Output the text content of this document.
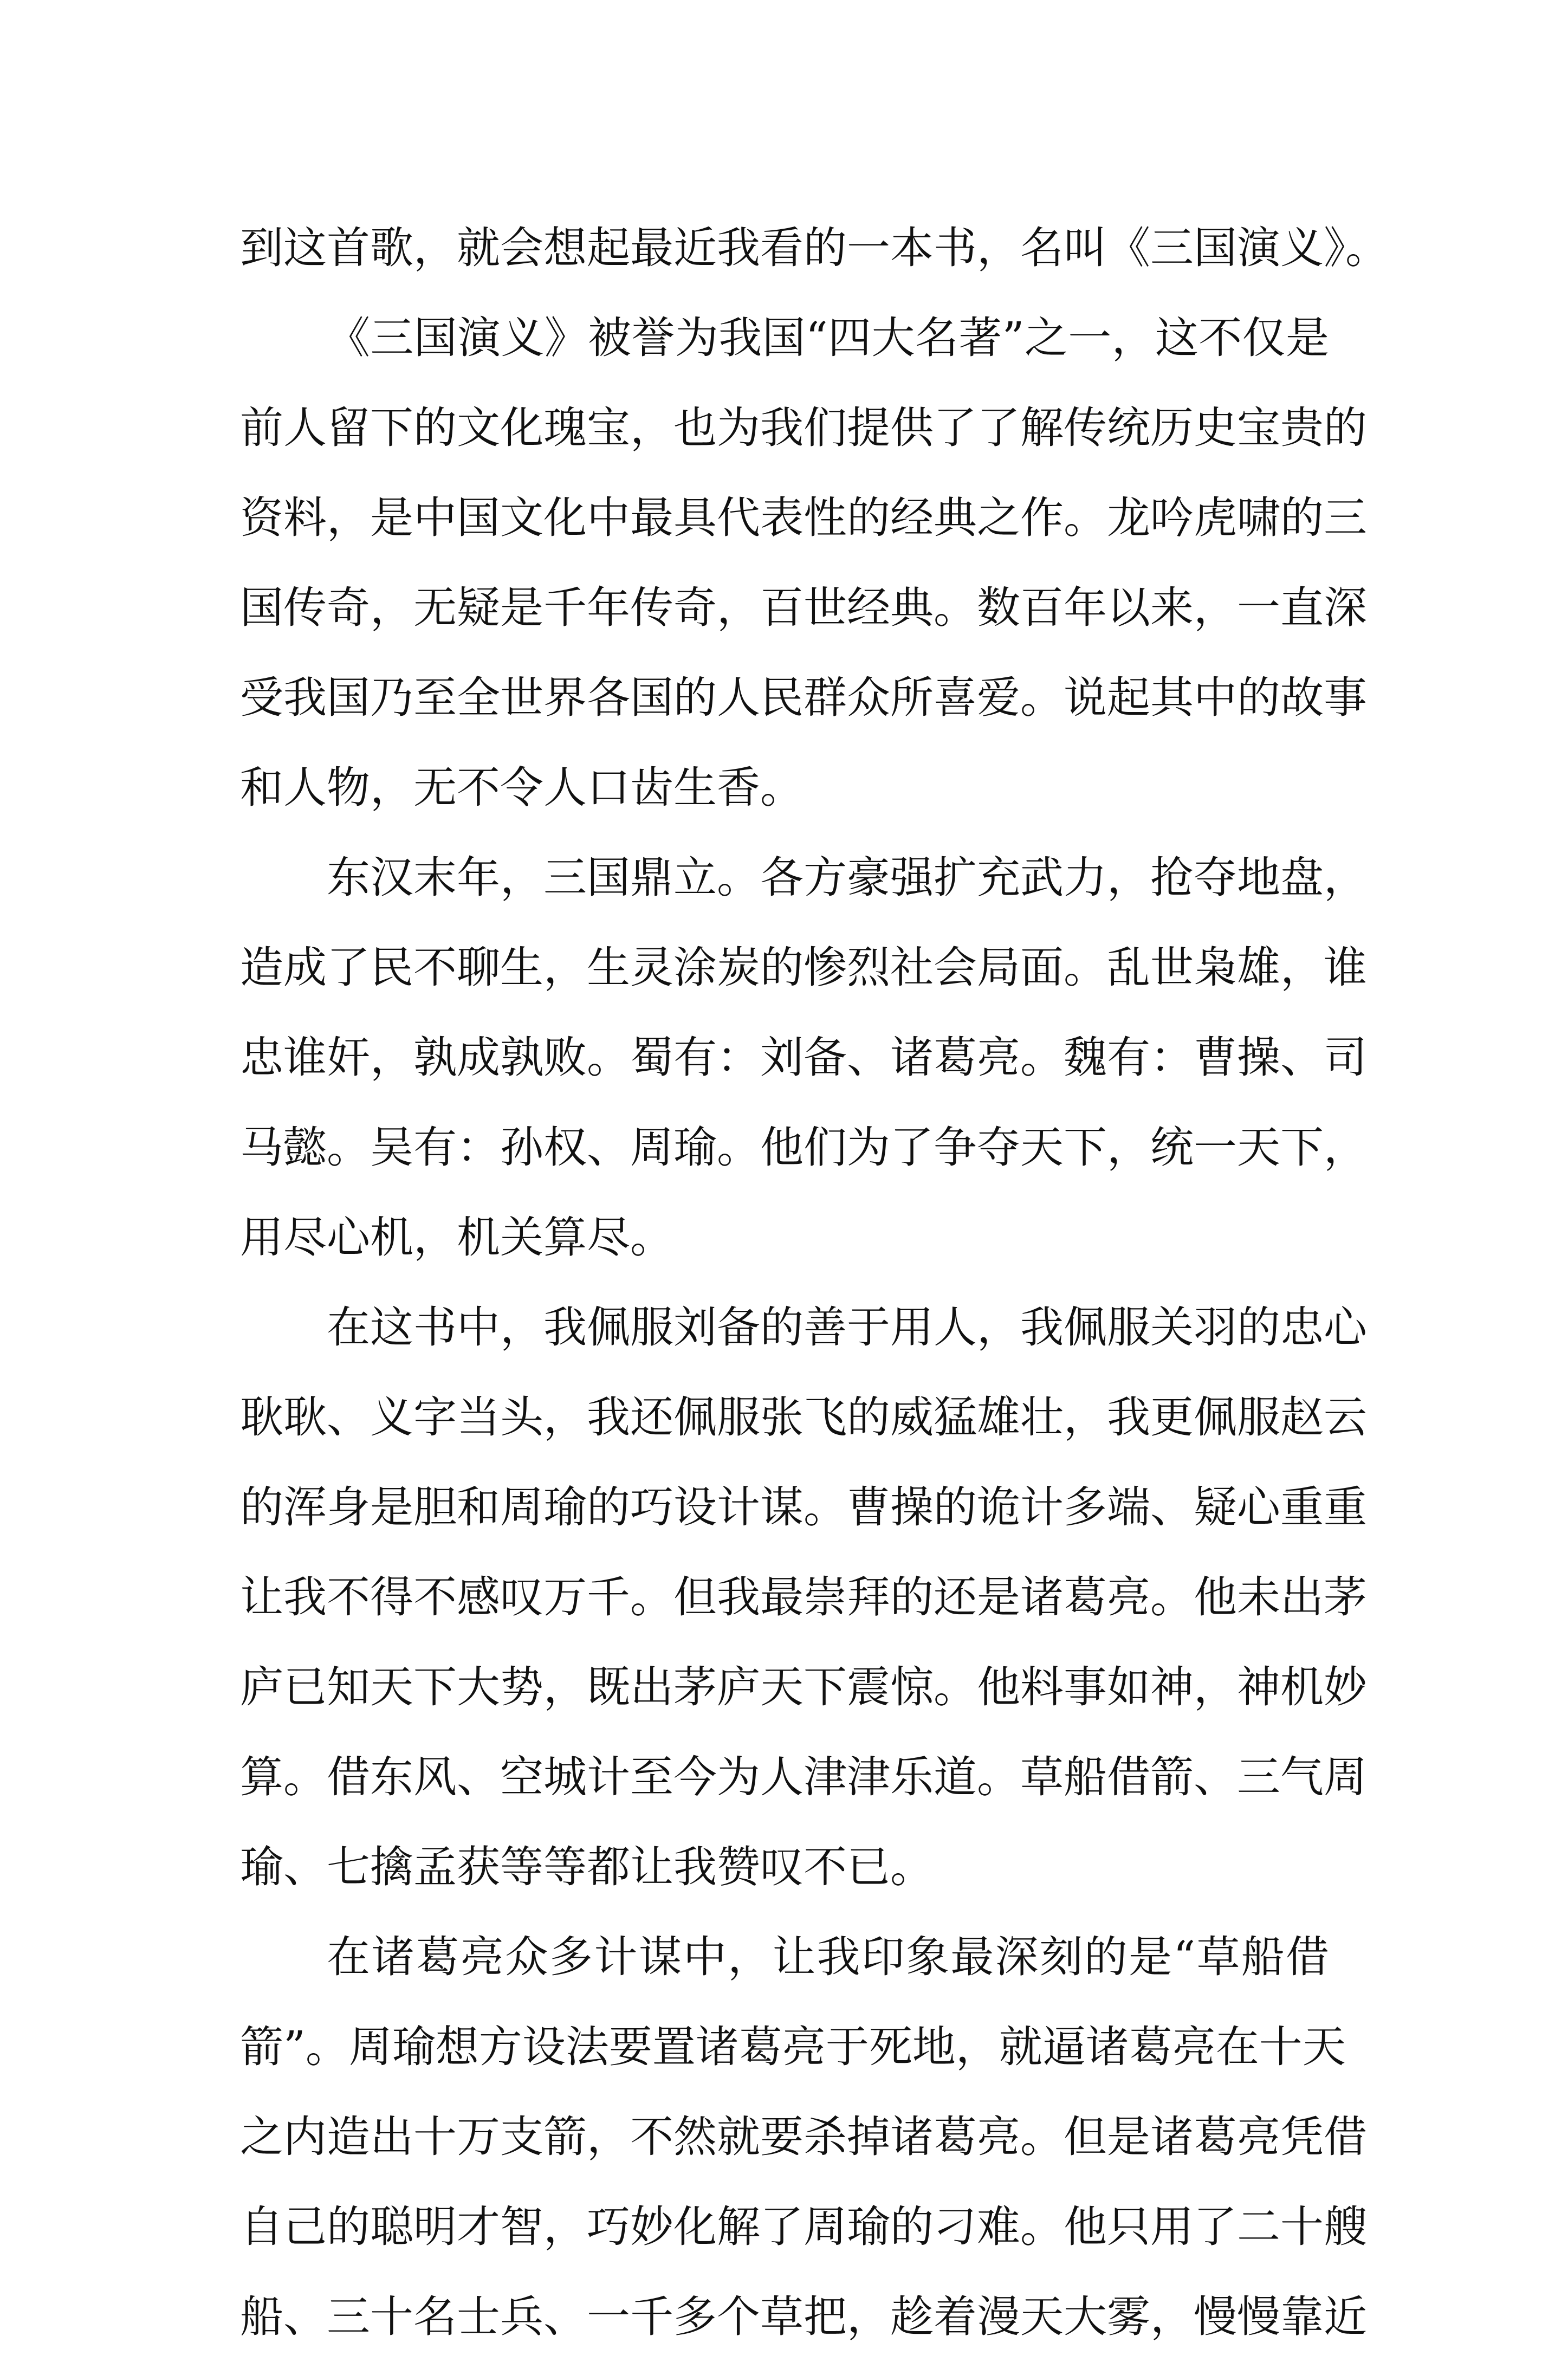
到这首歌，就会想起最近我看的一本书，名叫《三国演义》。
《三国演义》被誉为我国“四大名著”之一，这不仅是
前人留下的文化瑰宝，也为我们提供了了解传统历史宝贵的
资料，是中国文化中最具代表性的经典之作。龙吟虎啸的三
国传奇，无疑是千年传奇，百世经典。数百年以来，一直深
受我国乃至全世界各国的人民群众所喜爱。说起其中的故事
和人物，无不令人口齿生香。
东汉末年，三国鼎立。各方豪强扩充武力，抢夺地盘，
造成了民不聊生，生灵涂炭的惨烈社会局面。乱世枭雄，谁
忠谁奸，孰成孰败。蜀有：刘备、诸葛亮。魏有：曹操、司
马懿。吴有：孙权、周瑜。他们为了争夺天下，统一天下，
用尽心机，机关算尽。
在这书中，我佩服刘备的善于用人，我佩服关羽的忠心
耿耿、义字当头，我还佩服张飞的威猛雄壮，我更佩服赵云
的浑身是胆和周瑜的巧设计谋。曹操的诡计多端、疑心重重
让我不得不感叹万千。但我最崇拜的还是诸葛亮。他未出茅
庐已知天下大势，既出茅庐天下震惊。他料事如神，神机妙
算。借东风、空城计至今为人津津乐道。草船借箭、三气周
瑜、七擒孟获等等都让我赞叹不已。
在诸葛亮众多计谋中，让我印象最深刻的是“草船借
箭”。周瑜想方设法要置诸葛亮于死地，就逼诸葛亮在十天
之内造出十万支箭，不然就要杀掉诸葛亮。但是诸葛亮凭借
自己的聪明才智，巧妙化解了周瑜的刁难。他只用了二十艘
船、三十名士兵、一千多个草把，趁着漫天大雾，慢慢靠近
